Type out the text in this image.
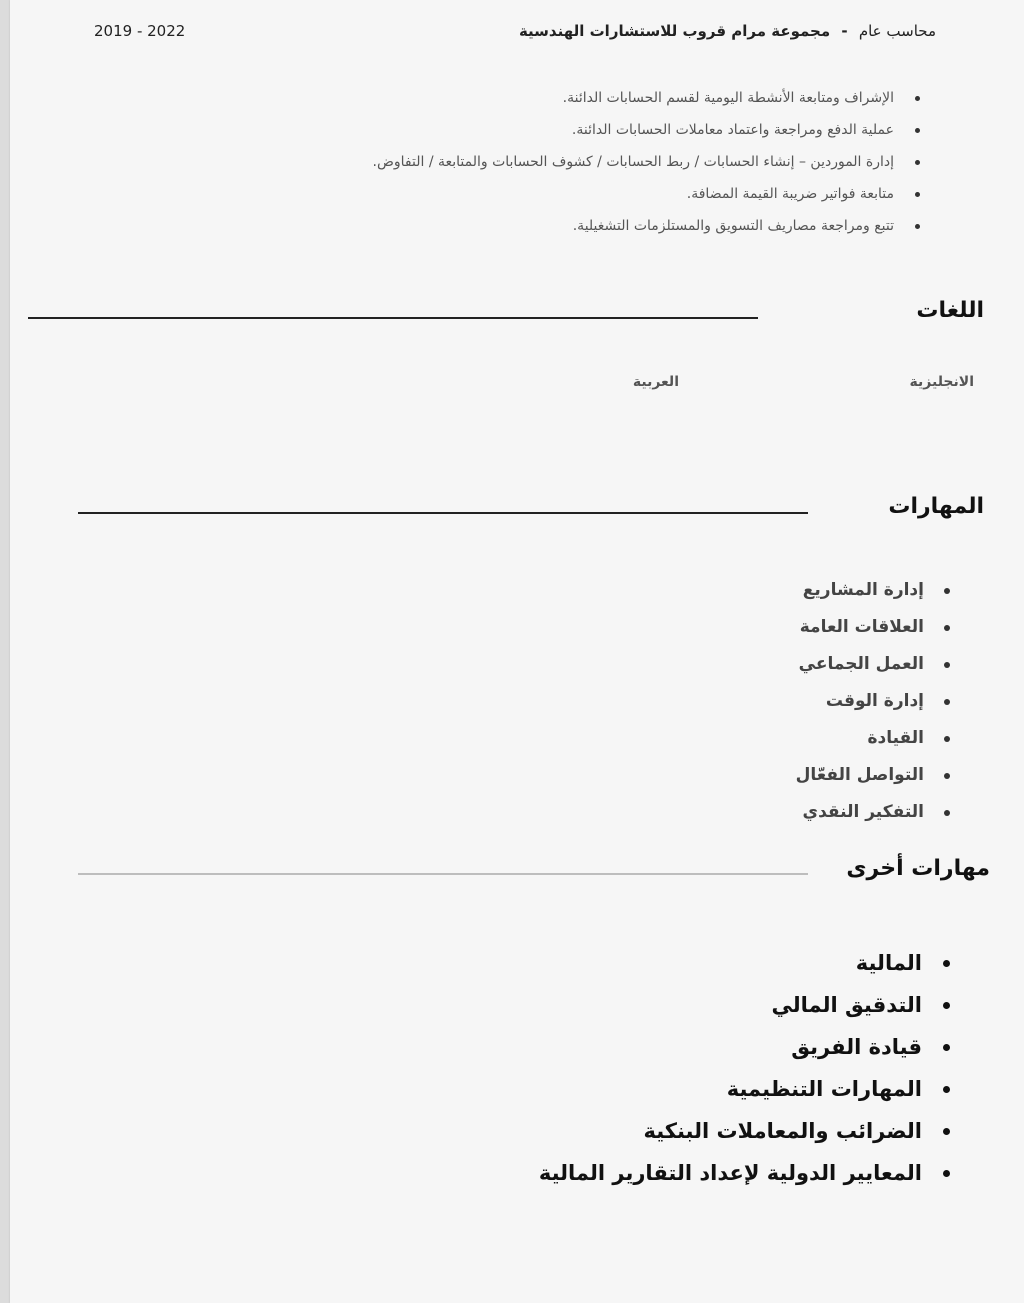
محاسب عام - مجموعة مرام قروب للاستشارات الهندسية
2019 - 2022
الإشراف ومتابعة الأنشطة اليومية لقسم الحسابات الدائنة.
عملية الدفع ومراجعة واعتماد معاملات الحسابات الدائنة.
إدارة الموردين – إنشاء الحسابات / ربط الحسابات / كشوف الحسابات والمتابعة / التفاوض.
متابعة فواتير ضريبة القيمة المضافة.
تتبع ومراجعة مصاريف التسويق والمستلزمات التشغيلية.
اللغات
الانجليزية
العربية
المهارات
إدارة المشاريع
العلاقات العامة
العمل الجماعي
إدارة الوقت
القيادة
التواصل الفعّال
التفكير النقدي
مهارات أخرى
المالية
التدقيق المالي
قيادة الفريق
المهارات التنظيمية
الضرائب والمعاملات البنكية
المعايير الدولية لإعداد التقارير المالية
